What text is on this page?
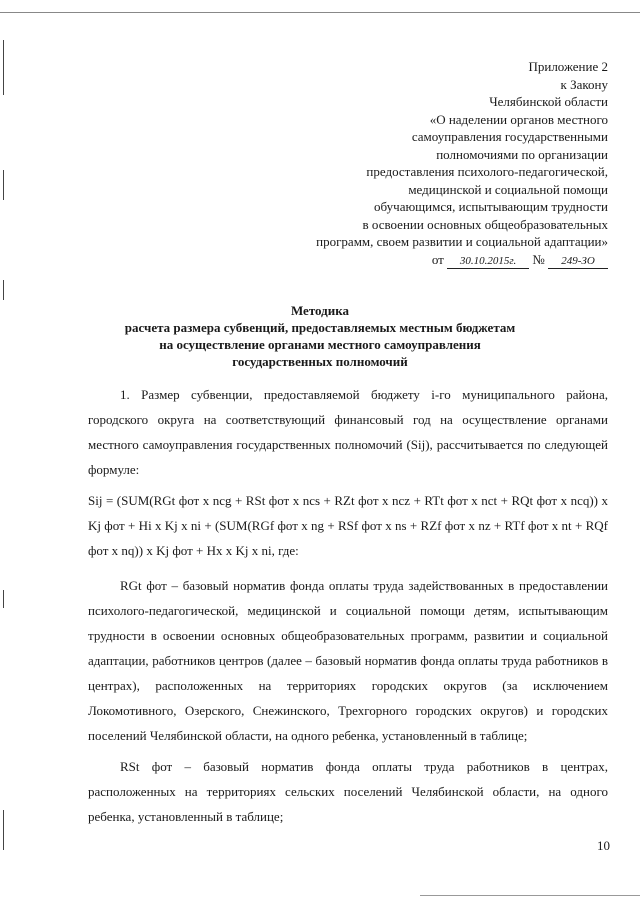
Приложение 2
к Закону
Челябинской области
«О наделении органов местного
самоуправления государственными
полномочиями по организации
предоставления психолого-педагогической,
медицинской и социальной помощи
обучающимся, испытывающим трудности
в освоении основных общеобразовательных
программ, своем развитии и социальной адаптации»
от 30.10.2015г. № 249-ЗО
Методика
расчета размера субвенций, предоставляемых местным бюджетам
на осуществление органами местного самоуправления
государственных полномочий

1. Размер субвенции, предоставляемой бюджету i-го муниципального района, городского округа на соответствующий финансовый год на осуществление органами местного самоуправления государственных полномочий (Sij), рассчитывается по следующей формуле:

Sij = (SUM(RGt фот х ncg + RSt фот х ncs + RZt фот х ncz + RTt фот х nct + RQt фот х ncq)) х Kj фот + Hi х Kj х ni + (SUM(RGf фот х ng + RSf фот х ns + RZf фот х nz + RTf фот х nt + RQf фот х nq)) х Kj фот + Hx х Kj х ni, где:

RGt фот – базовый норматив фонда оплаты труда задействованных в предоставлении психолого-педагогической, медицинской и социальной помощи детям, испытывающим трудности в освоении основных общеобразовательных программ, развитии и социальной адаптации, работников центров (далее – базовый норматив фонда оплаты труда работников в центрах), расположенных на территориях городских округов (за исключением Локомотивного, Озерского, Снежинского, Трехгорного городских округов) и городских поселений Челябинской области, на одного ребенка, установленный в таблице;

RSt фот – базовый норматив фонда оплаты труда работников в центрах, расположенных на территориях сельских поселений Челябинской области, на одного ребенка, установленный в таблице;

10
